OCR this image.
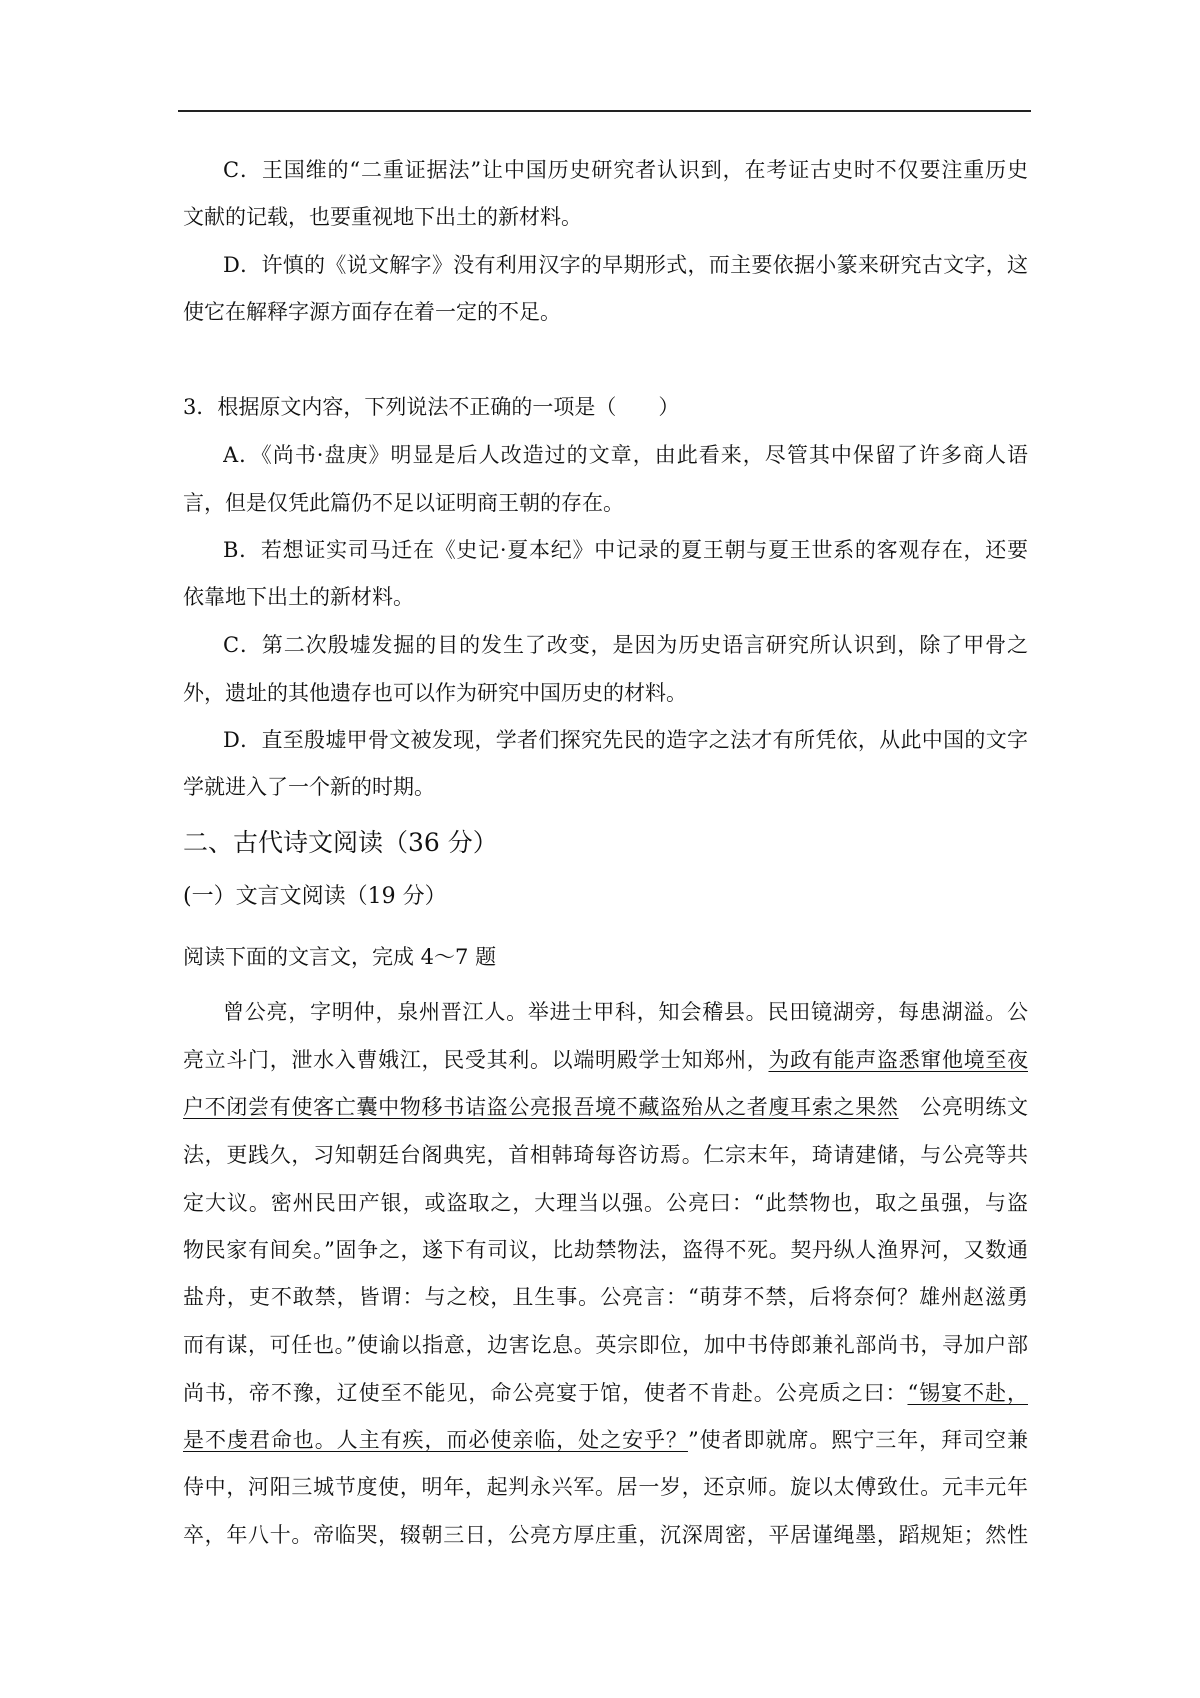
C．王国维的“二重证据法”让中国历史研究者认识到，在考证古史时不仅要注重历史
文献的记载，也要重视地下出土的新材料。
D．许慎的《说文解字》没有利用汉字的早期形式，而主要依据小篆来研究古文字，这
使它在解释字源方面存在着一定的不足。
3．根据原文内容，下列说法不正确的一项是（　　）
A．《尚书·盘庚》明显是后人改造过的文章，由此看来，尽管其中保留了许多商人语
言，但是仅凭此篇仍不足以证明商王朝的存在。
B．若想证实司马迁在《史记·夏本纪》中记录的夏王朝与夏王世系的客观存在，还要
依靠地下出土的新材料。
C．第二次殷墟发掘的目的发生了改变，是因为历史语言研究所认识到，除了甲骨之
外，遗址的其他遗存也可以作为研究中国历史的材料。
D．直至殷墟甲骨文被发现，学者们探究先民的造字之法才有所凭依，从此中国的文字
学就进入了一个新的时期。
二、古代诗文阅读（36 分）
(一）文言文阅读（19 分）
阅读下面的文言文，完成 4～7 题
曾公亮，字明仲，泉州晋江人。举进士甲科，知会稽县。民田镜湖旁，每患湖溢。公
亮立斗门，泄水入曹娥江，民受其利。以端明殿学士知郑州，为政有能声盗悉窜他境至夜
户不闭尝有使客亡囊中物移书诘盗公亮报吾境不藏盗殆从之者廋耳索之果然  公亮明练文
法，更践久，习知朝廷台阁典宪，首相韩琦每咨访焉。仁宗末年，琦请建储，与公亮等共
定大议。密州民田产银，或盗取之，大理当以强。公亮曰：“此禁物也，取之虽强，与盗
物民家有间矣。”固争之，遂下有司议，比劫禁物法，盗得不死。契丹纵人渔界河，又数通
盐舟，吏不敢禁，皆谓：与之校，且生事。公亮言：“萌芽不禁，后将奈何？雄州赵滋勇
而有谋，可任也。”使谕以指意，边害讫息。英宗即位，加中书侍郎兼礼部尚书，寻加户部
尚书，帝不豫，辽使至不能见，命公亮宴于馆，使者不肯赴。公亮质之曰：“锡宴不赴，
是不虔君命也。人主有疾，而必使亲临，处之安乎？”使者即就席。熙宁三年，拜司空兼
侍中，河阳三城节度使，明年，起判永兴军。居一岁，还京师。旋以太傅致仕。元丰元年
卒，年八十。帝临哭，辍朝三日，公亮方厚庄重，沉深周密，平居谨绳墨，蹈规矩；然性
